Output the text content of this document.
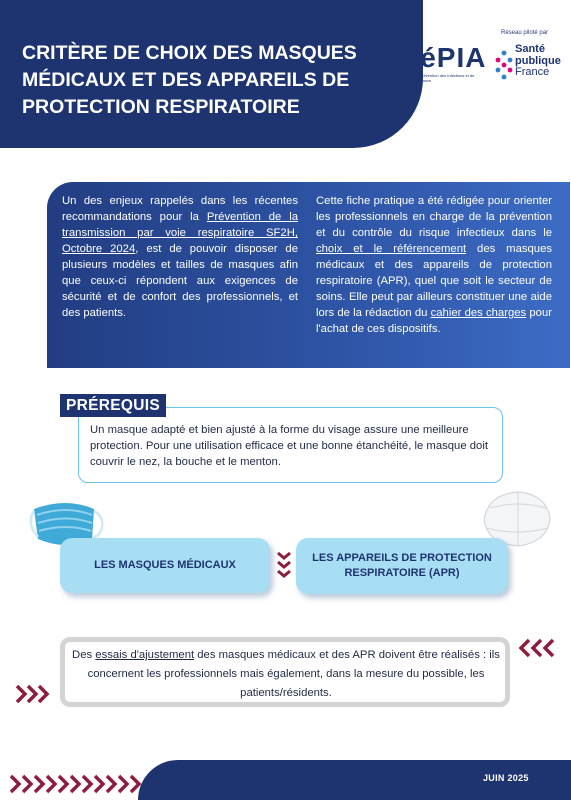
CRITÈRE DE CHOIX DES MASQUES MÉDICAUX ET DES APPAREILS DE PROTECTION RESPIRATOIRE
Réseau piloté par
RéPIA
Réseau de Prévention des Infections et de l'Antibiorésistance
Santé
publique
France

Un des enjeux rappelés dans les récentes recommandations pour la Prévention de la transmission par voie respiratoire SF2H, Octobre 2024, est de pouvoir disposer de plusieurs modèles et tailles de masques afin que ceux-ci répondent aux exigences de sécurité et de confort des professionnels, et des patients.

Cette fiche pratique a été rédigée pour orienter les professionnels en charge de la prévention et du contrôle du risque infectieux dans le choix et le référencement des masques médicaux et des appareils de protection respiratoire (APR), quel que soit le secteur de soins. Elle peut par ailleurs constituer une aide lors de la rédaction du cahier des charges pour l'achat de ces dispositifs.

PRÉREQUIS

Un masque adapté et bien ajusté à la forme du visage assure une meilleure protection. Pour une utilisation efficace et une bonne étanchéité, le masque doit couvrir le nez, la bouche et le menton.

LES MASQUES MÉDICAUX
LES APPAREILS DE PROTECTION RESPIRATOIRE (APR)

Des essais d'ajustement des masques médicaux et des APR doivent être réalisés : ils concernent les professionnels mais également, dans la mesure du possible, les patients/résidents.

JUIN 2025
